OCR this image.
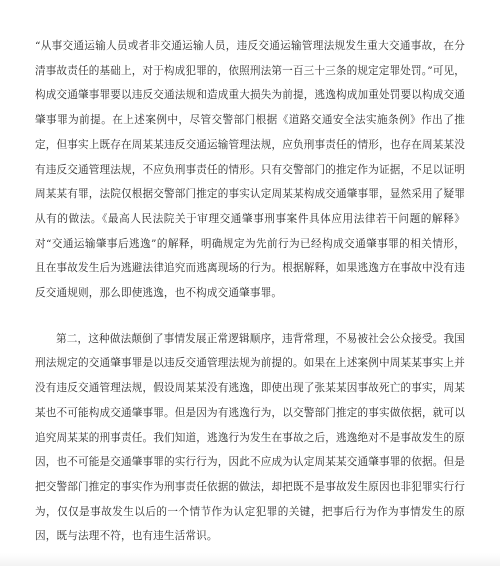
“从事交通运输人员或者非交通运输人员，违反交通运输管理法规发生重大交通事故，在分清事故责任的基础上，对于构成犯罪的，依照刑法第一百三十三条的规定定罪处罚。”可见，构成交通肇事罪要以违反交通法规和造成重大损失为前提，逃逸构成加重处罚要以构成交通肇事罪为前提。在上述案例中，尽管交警部门根据《道路交通安全法实施条例》作出了推定，但事实上既存在周某某违反交通运输管理法规，应负刑事责任的情形，也存在周某某没有违反交通管理法规，不应负刑事责任的情形。只有交警部门的推定作为证据，不足以证明周某某有罪，法院仅根据交警部门推定的事实认定周某某构成交通肇事罪，显然采用了疑罪从有的做法。《最高人民法院关于审理交通肇事刑事案件具体应用法律若干问题的解释》对“交通运输肇事后逃逸”的解释，明确规定为先前行为已经构成交通肇事罪的相关情形，且在事故发生后为逃避法律追究而逃离现场的行为。根据解释，如果逃逸方在事故中没有违反交通规则，那么即使逃逸，也不构成交通肇事罪。

第二，这种做法颠倒了事情发展正常逻辑顺序，违背常理，不易被社会公众接受。我国刑法规定的交通肇事罪是以违反交通管理法规为前提的。如果在上述案例中周某某事实上并没有违反交通管理法规，假设周某某没有逃逸，即使出现了张某某因事故死亡的事实，周某某也不可能构成交通肇事罪。但是因为有逃逸行为，以交警部门推定的事实做依据，就可以追究周某某的刑事责任。我们知道，逃逸行为发生在事故之后，逃逸绝对不是事故发生的原因，也不可能是交通肇事罪的实行行为，因此不应成为认定周某某交通肇事罪的依据。但是把交警部门推定的事实作为刑事责任依据的做法，却把既不是事故发生原因也非犯罪实行行为，仅仅是事故发生以后的一个情节作为认定犯罪的关键，把事后行为作为事情发生的原因，既与法理不符，也有违生活常识。
